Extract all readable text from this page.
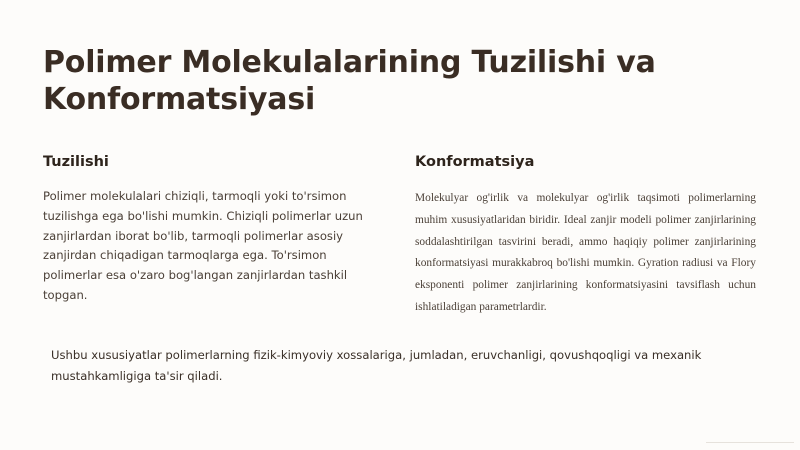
Polimer Molekulalarining Tuzilishi va Konformatsiyasi
Tuzilishi

Polimer molekulalari chiziqli, tarmoqli yoki to'rsimon tuzilishga ega bo'lishi mumkin. Chiziqli polimerlar uzun zanjirlardan iborat bo'lib, tarmoqli polimerlar asosiy zanjirdan chiqadigan tarmoqlarga ega. To'rsimon polimerlar esa o'zaro bog'langan zanjirlardan tashkil topgan.

Konformatsiya

Molekulyar og'irlik va molekulyar og'irlik taqsimoti polimerlarning muhim xususiyatlaridan biridir. Ideal zanjir modeli polimer zanjirlarining soddalashtirilgan tasvirini beradi, ammo haqiqiy polimer zanjirlarining konformatsiyasi murakkabroq bo'lishi mumkin. Gyration radiusi va Flory eksponenti polimer zanjirlarining konformatsiyasini tavsiflash uchun ishlatiladigan parametrlardir.

Ushbu xususiyatlar polimerlarning fizik-kimyoviy xossalariga, jumladan, eruvchanligi, qovushqoqligi va mexanik mustahkamligiga ta'sir qiladi.
